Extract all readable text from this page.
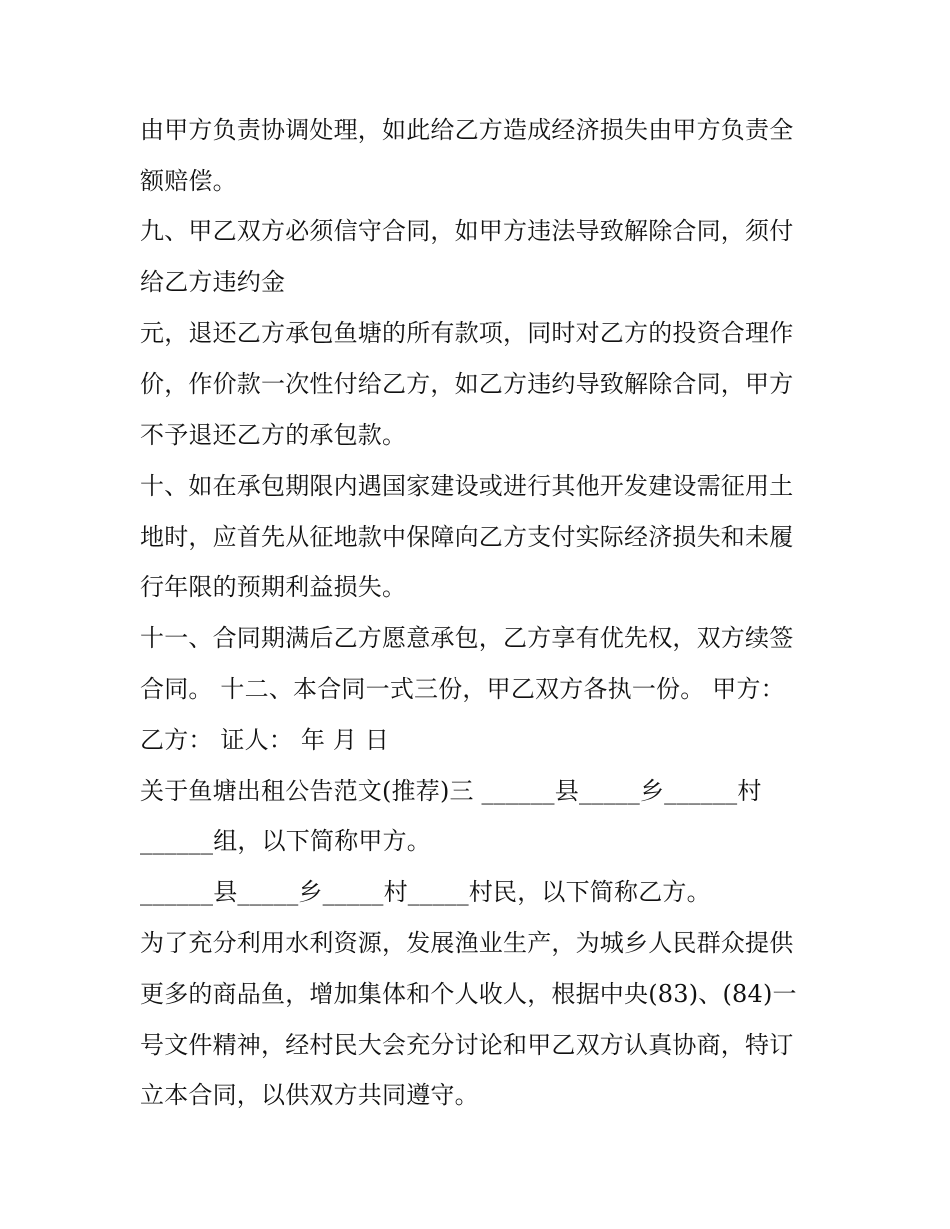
由甲方负责协调处理，如此给乙方造成经济损失由甲方负责全
额赔偿。
九、甲乙双方必须信守合同，如甲方违法导致解除合同，须付
给乙方违约金
元，退还乙方承包鱼塘的所有款项，同时对乙方的投资合理作
价，作价款一次性付给乙方，如乙方违约导致解除合同，甲方
不予退还乙方的承包款。
十、如在承包期限内遇国家建设或进行其他开发建设需征用土
地时，应首先从征地款中保障向乙方支付实际经济损失和未履
行年限的预期利益损失。
十一、合同期满后乙方愿意承包，乙方享有优先权，双方续签
合同。 十二、本合同一式三份，甲乙双方各执一份。 甲方：
乙方： 证人： 年 月 日
关于鱼塘出租公告范文(推荐)三 ______县_____乡______村
______组，以下简称甲方。
______县_____乡_____村_____村民，以下简称乙方。
为了充分利用水利资源，发展渔业生产，为城乡人民群众提供
更多的商品鱼，增加集体和个人收人，根据中央(83)、(84)一
号文件精神，经村民大会充分讨论和甲乙双方认真协商，特订
立本合同，以供双方共同遵守。
